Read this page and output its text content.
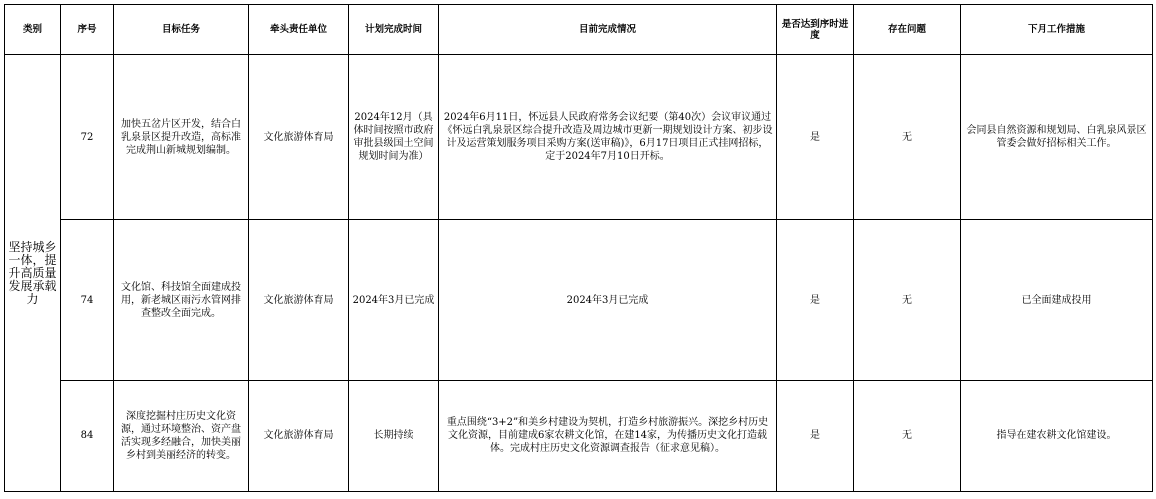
类别	序号	目标任务	牵头责任单位	计划完成时间	目前完成情况	是否达到序时进度	存在问题	下月工作措施
坚持城乡一体，提升高质量发展承载力	72	加快五岔片区开发，结合白乳泉景区提升改造，高标准完成荆山新城规划编制。	文化旅游体育局	2024年12月（具体时间按照市政府审批县级国土空间规划时间为准）	2024年6月11日，怀远县人民政府常务会议纪要（第40次）会议审议通过《怀远白乳泉景区综合提升改造及周边城市更新一期规划设计方案、初步设计及运营策划服务项目采购方案(送审稿)》，6月17日项目正式挂网招标，定于2024年7月10日开标。	是	无	会同县自然资源和规划局、白乳泉风景区管委会做好招标相关工作。
	74	文化馆、科技馆全面建成投用，新老城区雨污水管网排查整改全面完成。	文化旅游体育局	2024年3月已完成	2024年3月已完成	是	无	已全面建成投用
	84	深度挖掘村庄历史文化资源，通过环境整治、资产盘活实现多经融合，加快美丽乡村到美丽经济的转变。	文化旅游体育局	长期持续	重点围绕“3+2”和美乡村建设为契机，打造乡村旅游振兴。深挖乡村历史文化资源，目前建成6家农耕文化馆，在建14家，为传播历史文化打造载体。完成村庄历史文化资源调查报告（征求意见稿）。	是	无	指导在建农耕文化馆建设。
